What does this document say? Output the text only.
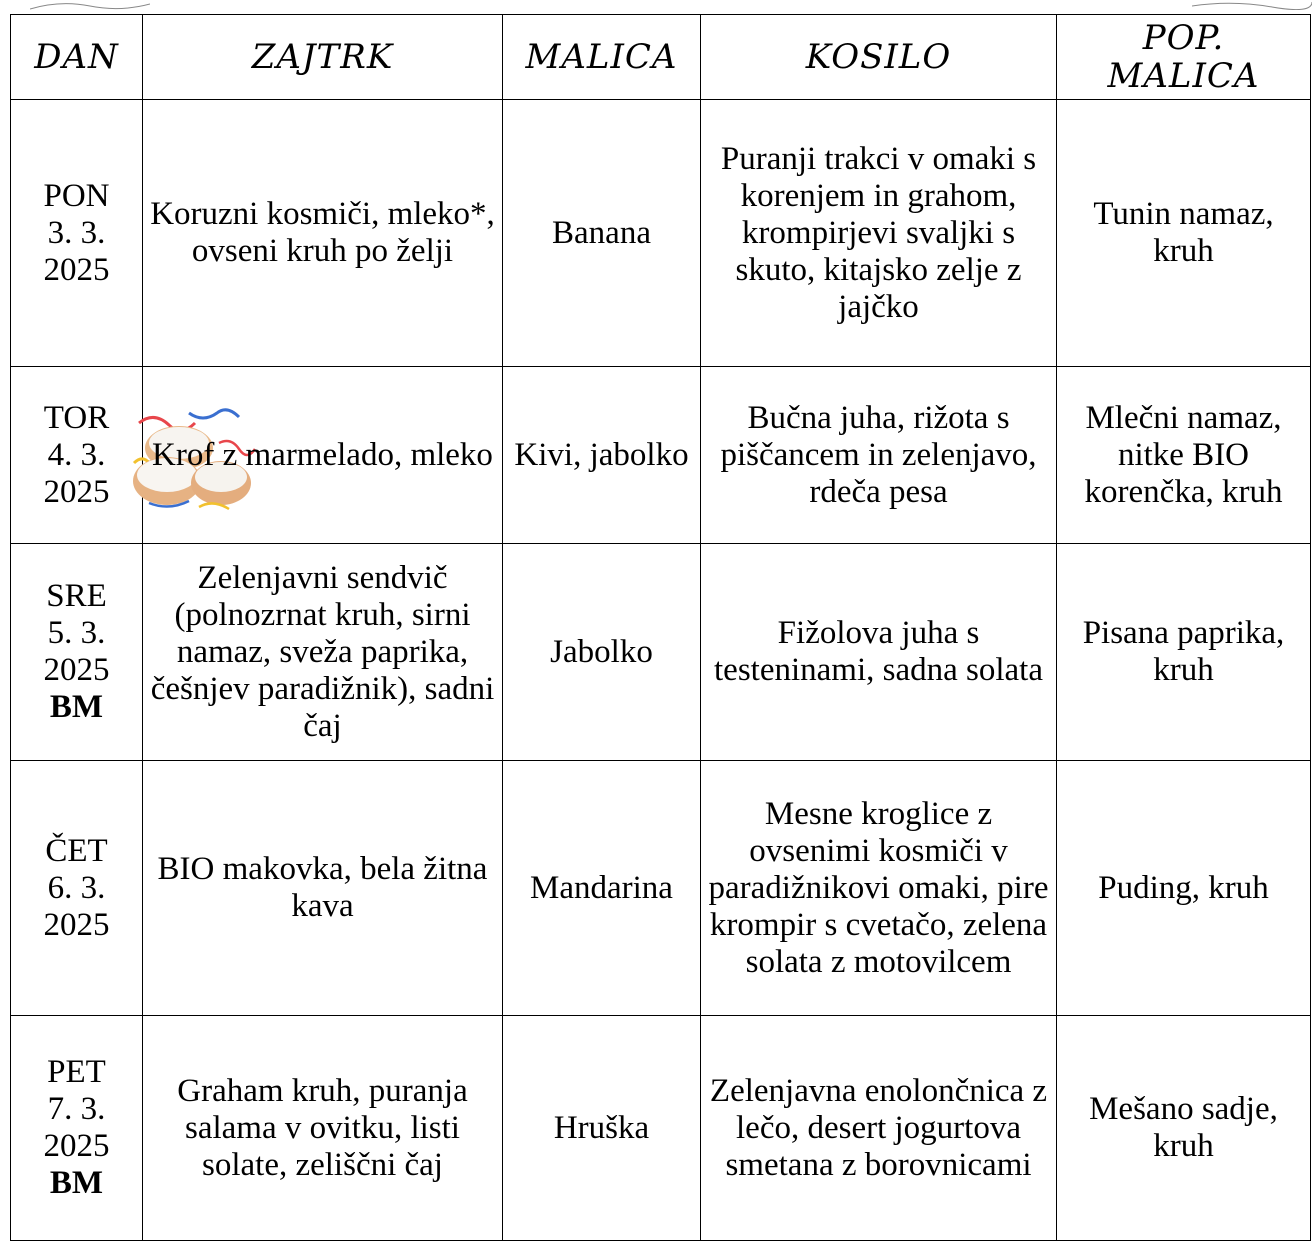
DAN	ZAJTRK	MALICA	KOSILO	POP.
MALICA

PON
3. 3.
2025	Koruzni kosmiči, mleko*, ovseni kruh po želji	Banana	Puranji trakci v omaki s korenjem in grahom, krompirjevi svaljki s skuto, kitajsko zelje z jajčko	Tunin namaz, kruh

TOR
4. 3.
2025	Krof z marmelado, mleko	Kivi, jabolko	Bučna juha, rižota s piščancem in zelenjavo, rdeča pesa	Mlečni namaz, nitke BIO korenčka, kruh

SRE
5. 3.
2025
BM	Zelenjavni sendvič (polnozrnat kruh, sirni namaz, sveža paprika, češnjev paradižnik), sadni čaj	Jabolko	Fižolova juha s testeninami, sadna solata	Pisana paprika, kruh

ČET
6. 3.
2025	BIO makovka, bela žitna kava	Mandarina	Mesne kroglice z ovsenimi kosmiči v paradižnikovi omaki, pire krompir s cvetačo, zelena solata z motovilcem	Puding, kruh

PET
7. 3.
2025
BM	Graham kruh, puranja salama v ovitku, listi solate, zeliščni čaj	Hruška	Zelenjavna enolončnica z lečo, desert jogurtova smetana z borovnicami	Mešano sadje, kruh
